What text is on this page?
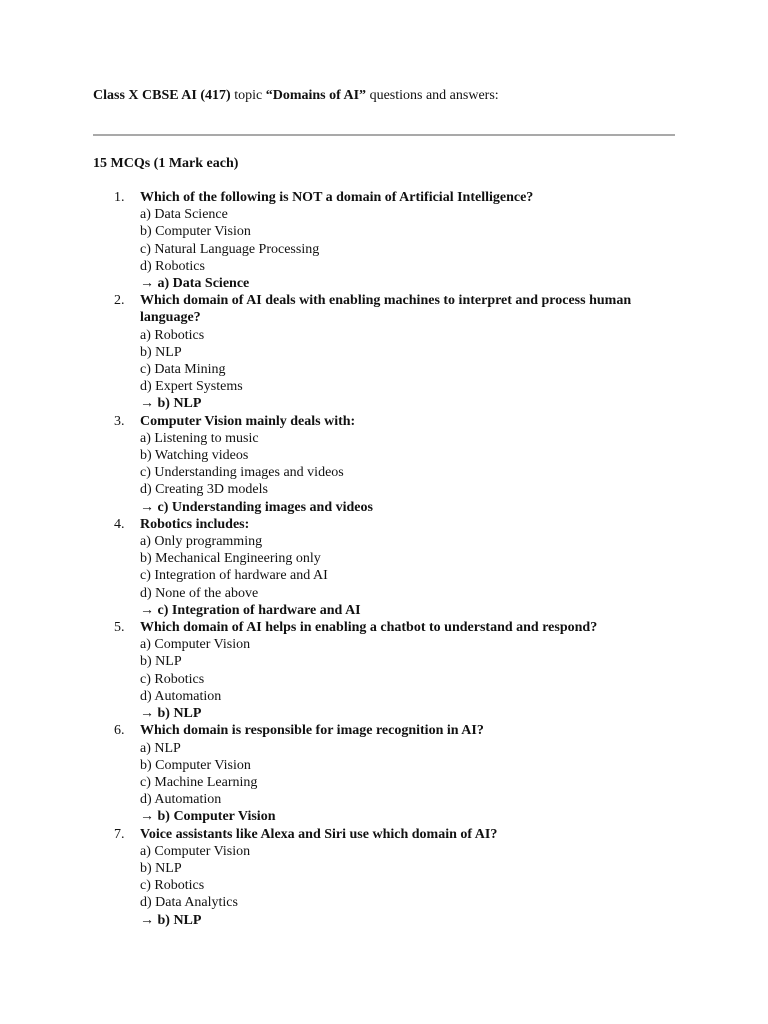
Class X CBSE AI (417) topic “Domains of AI” questions and answers:
15 MCQs (1 Mark each)
1. Which of the following is NOT a domain of Artificial Intelligence?
a) Data Science
b) Computer Vision
c) Natural Language Processing
d) Robotics
→ a) Data Science
2. Which domain of AI deals with enabling machines to interpret and process human language?
a) Robotics
b) NLP
c) Data Mining
d) Expert Systems
→ b) NLP
3. Computer Vision mainly deals with:
a) Listening to music
b) Watching videos
c) Understanding images and videos
d) Creating 3D models
→ c) Understanding images and videos
4. Robotics includes:
a) Only programming
b) Mechanical Engineering only
c) Integration of hardware and AI
d) None of the above
→ c) Integration of hardware and AI
5. Which domain of AI helps in enabling a chatbot to understand and respond?
a) Computer Vision
b) NLP
c) Robotics
d) Automation
→ b) NLP
6. Which domain is responsible for image recognition in AI?
a) NLP
b) Computer Vision
c) Machine Learning
d) Automation
→ b) Computer Vision
7. Voice assistants like Alexa and Siri use which domain of AI?
a) Computer Vision
b) NLP
c) Robotics
d) Data Analytics
→ b) NLP
